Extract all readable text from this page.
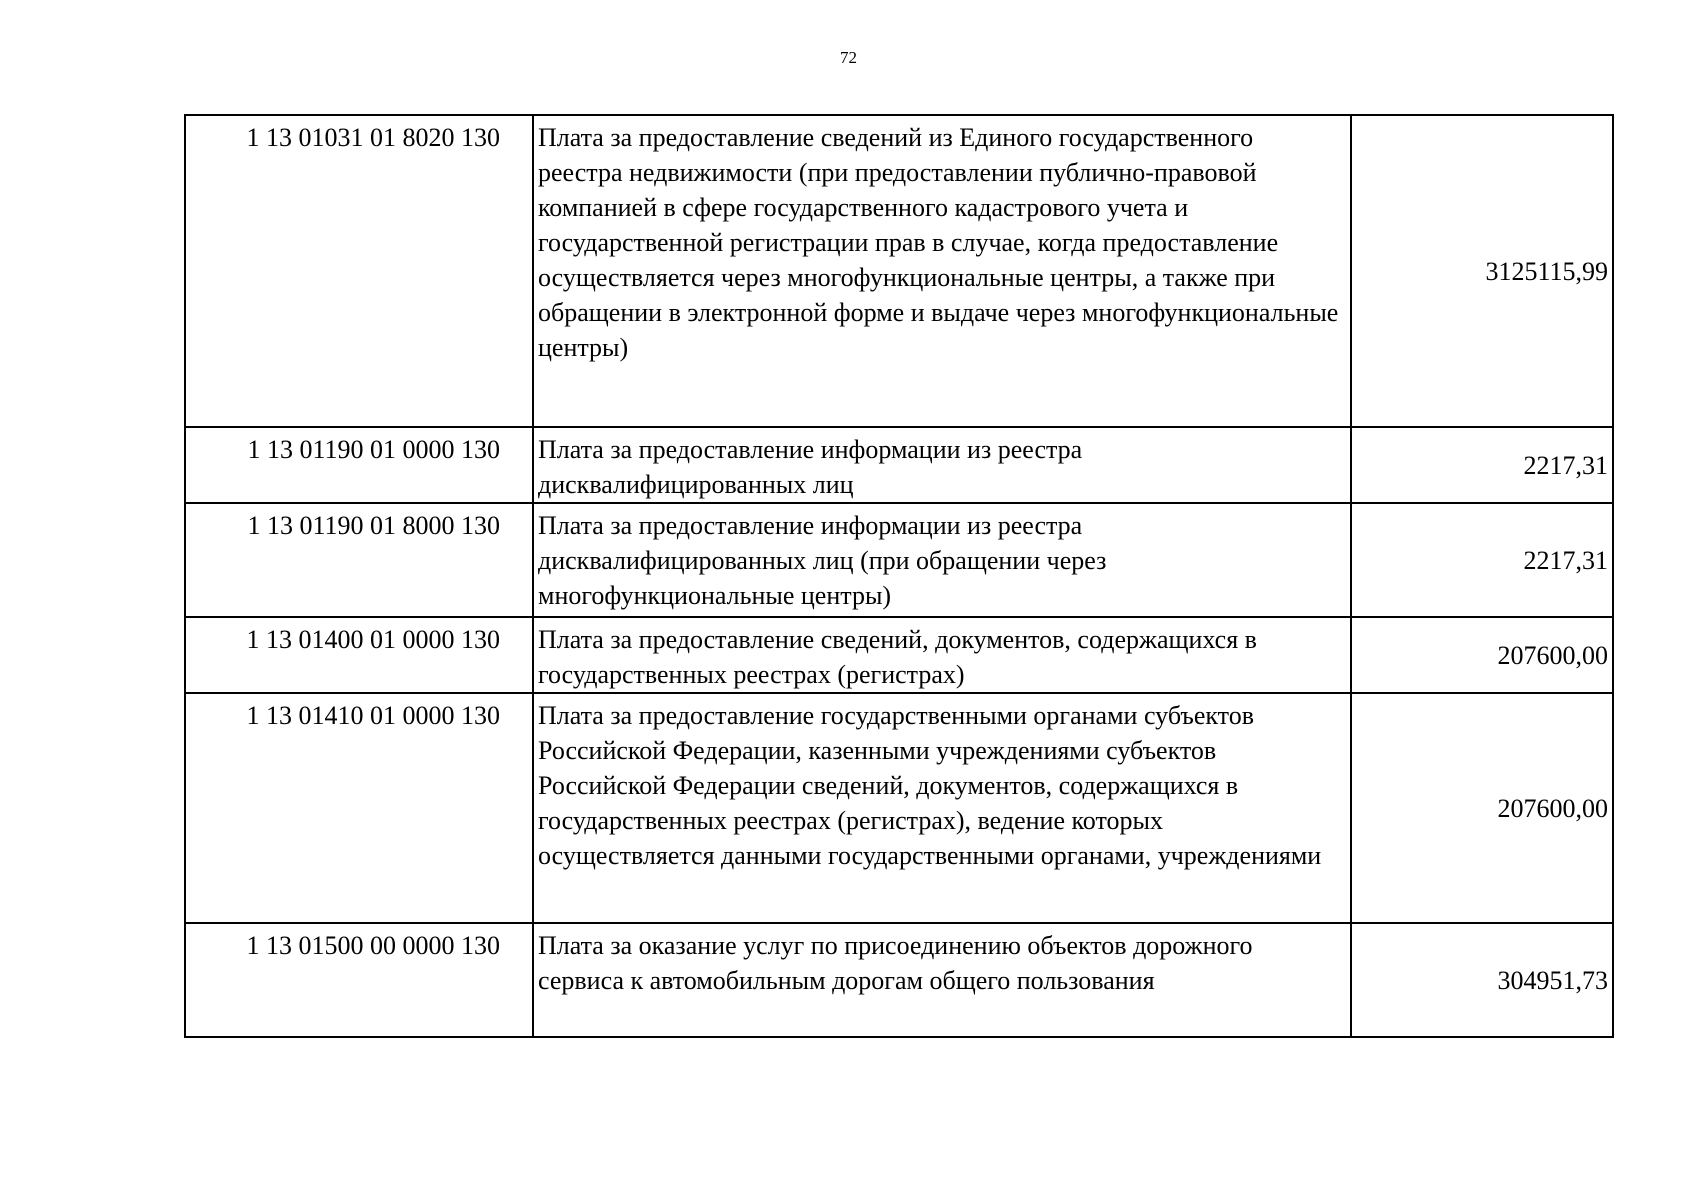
72
1 13 01031 01 8020 130	Плата за предоставление сведений из Единого государственного реестра недвижимости (при предоставлении публично-правовой компанией в сфере государственного кадастрового учета и государственной регистрации прав в случае, когда предоставление осуществляется через многофункциональные центры, а также при обращении в электронной форме и выдаче через многофункциональные центры)	3125115,99
1 13 01190 01 0000 130	Плата за предоставление информации из реестра дисквалифицированных лиц	2217,31
1 13 01190 01 8000 130	Плата за предоставление информации из реестра дисквалифицированных лиц (при обращении через многофункциональные центры)	2217,31
1 13 01400 01 0000 130	Плата за предоставление сведений, документов, содержащихся в государственных реестрах (регистрах)	207600,00
1 13 01410 01 0000 130	Плата за предоставление государственными органами субъектов Российской Федерации, казенными учреждениями субъектов Российской Федерации сведений, документов, содержащихся в государственных реестрах (регистрах), ведение которых осуществляется данными государственными органами, учреждениями	207600,00
1 13 01500 00 0000 130	Плата за оказание услуг по присоединению объектов дорожного сервиса к автомобильным дорогам общего пользования	304951,73
